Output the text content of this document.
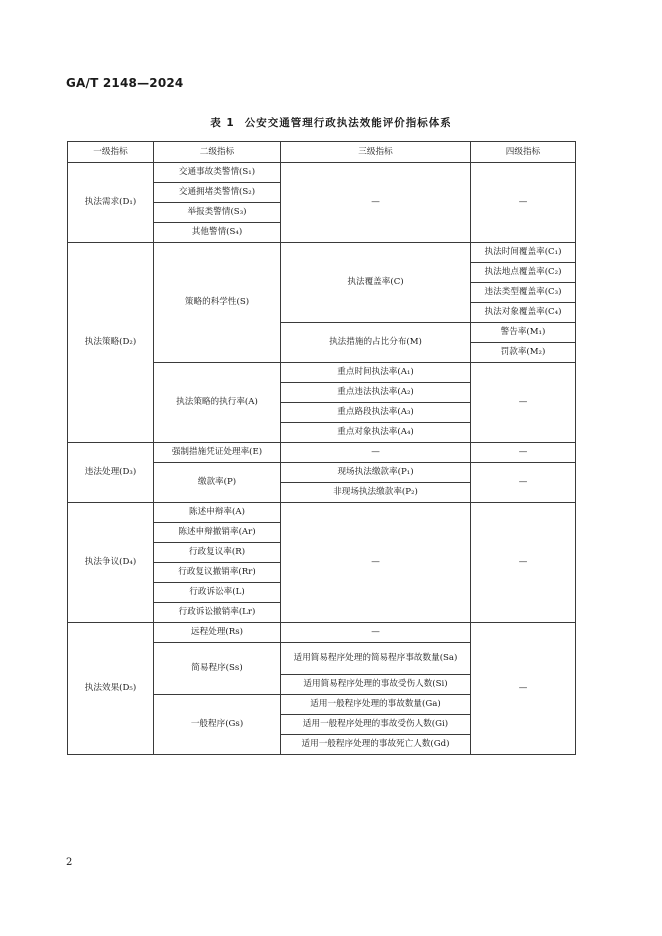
GA/T 2148—2024

表 1 公安交通管理行政执法效能评价指标体系

一级指标	二级指标	三级指标	四级指标
执法需求(D₁)	交通事故类警情(S₁)	—	—
	交通拥堵类警情(S₂)		
	举报类警情(S₃)		
	其他警情(S₄)		
执法策略(D₂)	策略的科学性(S)	执法覆盖率(C)	执法时间覆盖率(C₁)
			执法地点覆盖率(C₂)
			违法类型覆盖率(C₃)
			执法对象覆盖率(C₄)
		执法措施的占比分布(M)	警告率(M₁)
			罚款率(M₂)
	执法策略的执行率(A)	重点时间执法率(A₁)	—
		重点违法执法率(A₂)	
		重点路段执法率(A₃)	
		重点对象执法率(A₄)	
违法处理(D₃)	强制措施凭证处理率(E)	—	—
	缴款率(P)	现场执法缴款率(P₁)	—
		非现场执法缴款率(P₂)	
执法争议(D₄)	陈述申辩率(A)	—	—
	陈述申辩撤销率(Ar)		
	行政复议率(R)		
	行政复议撤销率(Rr)		
	行政诉讼率(L)		
	行政诉讼撤销率(Lr)		
执法效果(D₅)	远程处理(Rs)	—	—
	简易程序(Ss)	适用简易程序处理的简易程序事故数量(Sa)	
		适用简易程序处理的事故受伤人数(Si)	
	一般程序(Gs)	适用一般程序处理的事故数量(Ga)	
		适用一般程序处理的事故受伤人数(Gi)	
		适用一般程序处理的事故死亡人数(Gd)	

2
